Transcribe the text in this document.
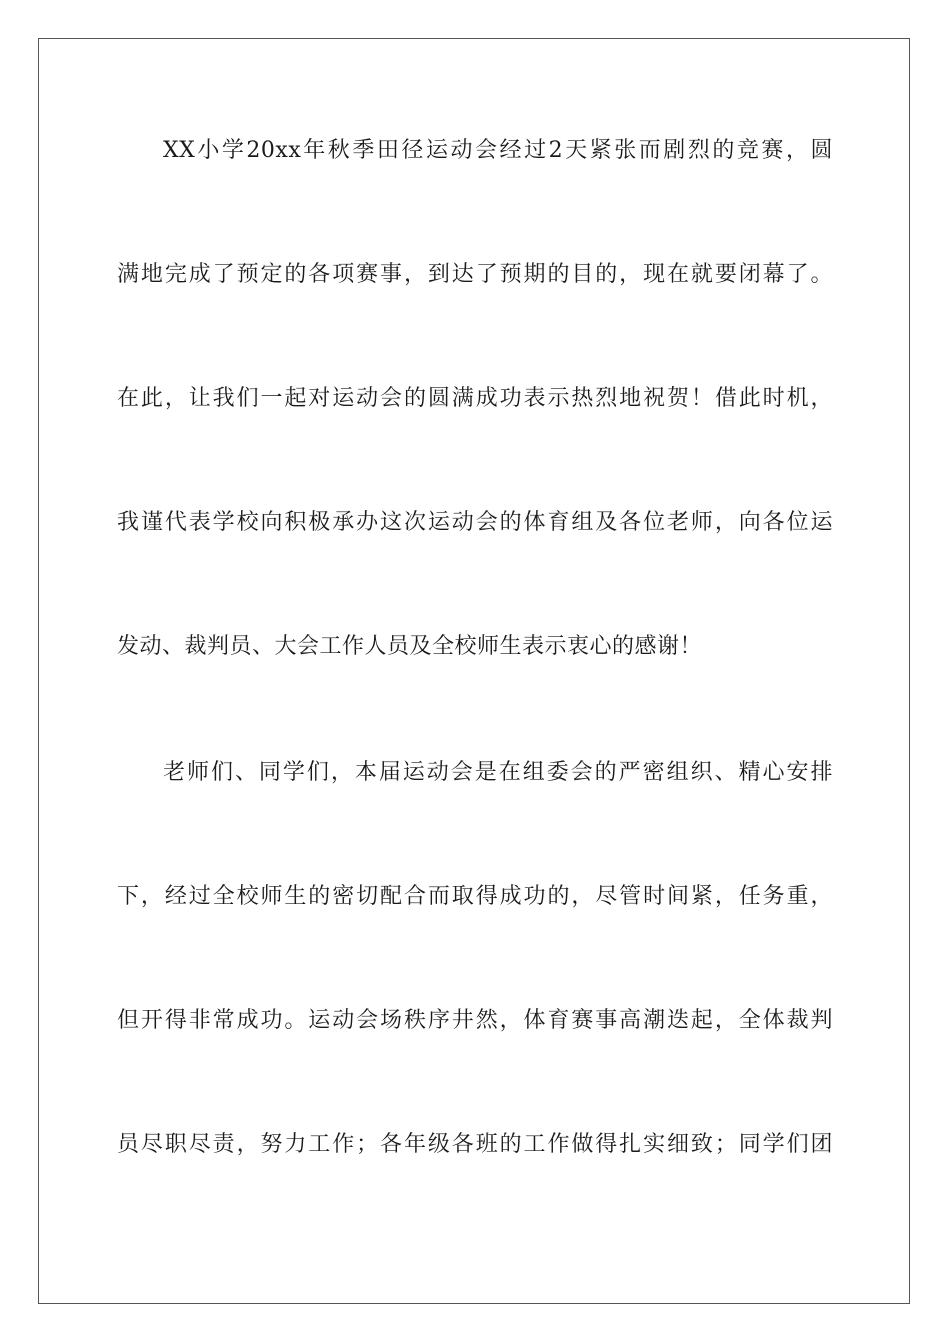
XX小学20xx年秋季田径运动会经过2天紧张而剧烈的竞赛，圆
满地完成了预定的各项赛事，到达了预期的目的，现在就要闭幕了。
在此，让我们一起对运动会的圆满成功表示热烈地祝贺！借此时机，
我谨代表学校向积极承办这次运动会的体育组及各位老师，向各位运
发动、裁判员、大会工作人员及全校师生表示衷心的感谢！
老师们、同学们，本届运动会是在组委会的严密组织、精心安排
下，经过全校师生的密切配合而取得成功的，尽管时间紧，任务重，
但开得非常成功。运动会场秩序井然，体育赛事高潮迭起，全体裁判
员尽职尽责，努力工作；各年级各班的工作做得扎实细致；同学们团
